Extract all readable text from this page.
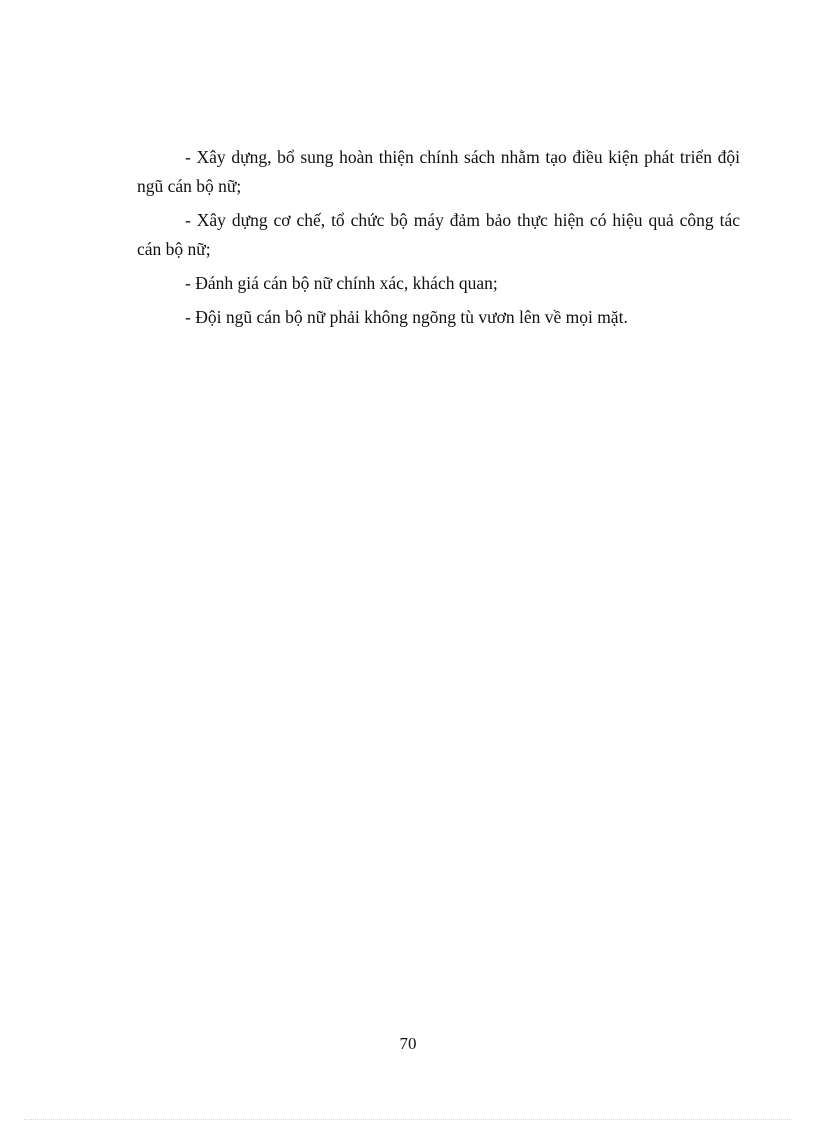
- Xây dựng, bổ sung hoàn thiện chính sách nhằm tạo điều kiện phát triển đội ngũ cán bộ nữ;

- Xây dựng cơ chế, tổ chức bộ máy đảm bảo thực hiện có hiệu quả công tác cán bộ nữ;

- Đánh giá cán bộ nữ chính xác, khách quan;

- Đội ngũ cán bộ nữ phải không ngõng tù vươn lên về mọi mặt.

70
